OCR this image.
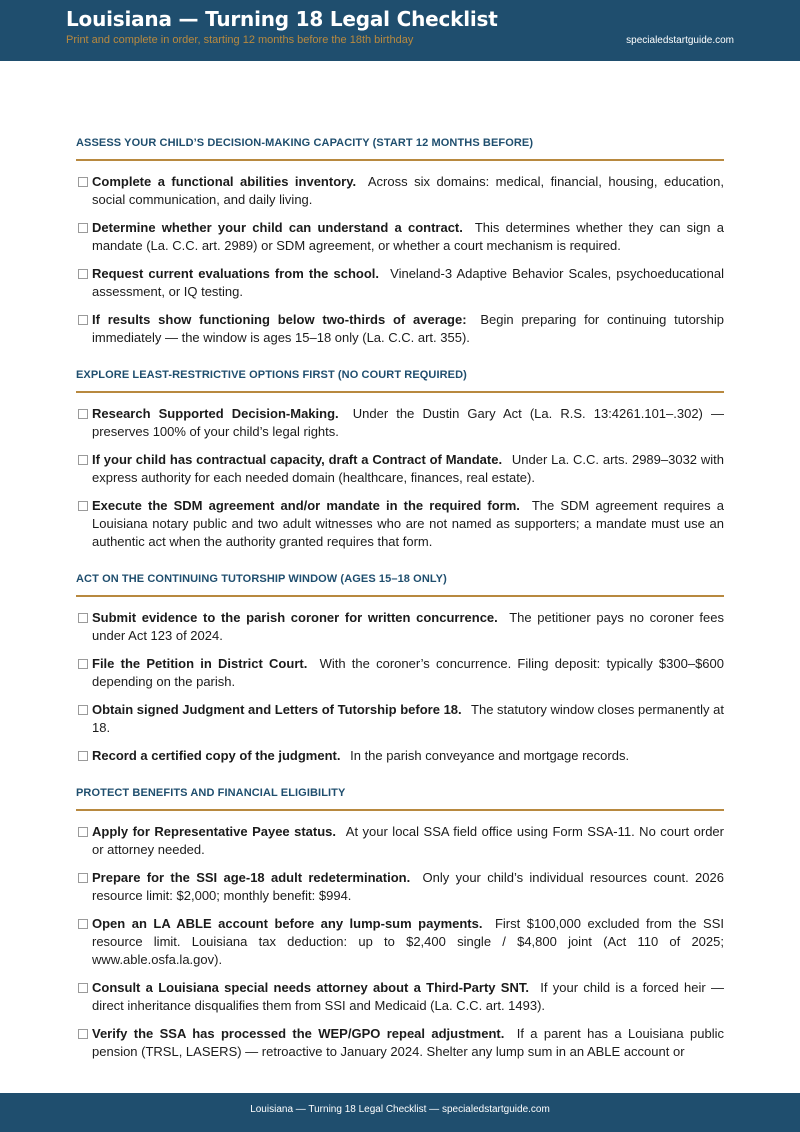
Louisiana — Turning 18 Legal Checklist
Print and complete in order, starting 12 months before the 18th birthday	specialedstartguide.com
ASSESS YOUR CHILD’S DECISION-MAKING CAPACITY (START 12 MONTHS BEFORE)
Complete a functional abilities inventory. Across six domains: medical, financial, housing, education, social communication, and daily living.
Determine whether your child can understand a contract. This determines whether they can sign a mandate (La. C.C. art. 2989) or SDM agreement, or whether a court mechanism is required.
Request current evaluations from the school. Vineland-3 Adaptive Behavior Scales, psychoeducational assessment, or IQ testing.
If results show functioning below two-thirds of average: Begin preparing for continuing tutorship immediately — the window is ages 15–18 only (La. C.C. art. 355).
EXPLORE LEAST-RESTRICTIVE OPTIONS FIRST (NO COURT REQUIRED)
Research Supported Decision-Making. Under the Dustin Gary Act (La. R.S. 13:4261.101–.302) — preserves 100% of your child’s legal rights.
If your child has contractual capacity, draft a Contract of Mandate. Under La. C.C. arts. 2989–3032 with express authority for each needed domain (healthcare, finances, real estate).
Execute the SDM agreement and/or mandate in the required form. The SDM agreement requires a Louisiana notary public and two adult witnesses who are not named as supporters; a mandate must use an authentic act when the authority granted requires that form.
ACT ON THE CONTINUING TUTORSHIP WINDOW (AGES 15–18 ONLY)
Submit evidence to the parish coroner for written concurrence. The petitioner pays no coroner fees under Act 123 of 2024.
File the Petition in District Court. With the coroner’s concurrence. Filing deposit: typically $300–$600 depending on the parish.
Obtain signed Judgment and Letters of Tutorship before 18. The statutory window closes permanently at 18.
Record a certified copy of the judgment. In the parish conveyance and mortgage records.
PROTECT BENEFITS AND FINANCIAL ELIGIBILITY
Apply for Representative Payee status. At your local SSA field office using Form SSA-11. No court order or attorney needed.
Prepare for the SSI age-18 adult redetermination. Only your child’s individual resources count. 2026 resource limit: $2,000; monthly benefit: $994.
Open an LA ABLE account before any lump-sum payments. First $100,000 excluded from the SSI resource limit. Louisiana tax deduction: up to $2,400 single / $4,800 joint (Act 110 of 2025; www.able.osfa.la.gov).
Consult a Louisiana special needs attorney about a Third-Party SNT. If your child is a forced heir — direct inheritance disqualifies them from SSI and Medicaid (La. C.C. art. 1493).
Verify the SSA has processed the WEP/GPO repeal adjustment. If a parent has a Louisiana public pension (TRSL, LASERS) — retroactive to January 2024. Shelter any lump sum in an ABLE account or
Louisiana — Turning 18 Legal Checklist — specialedstartguide.com
